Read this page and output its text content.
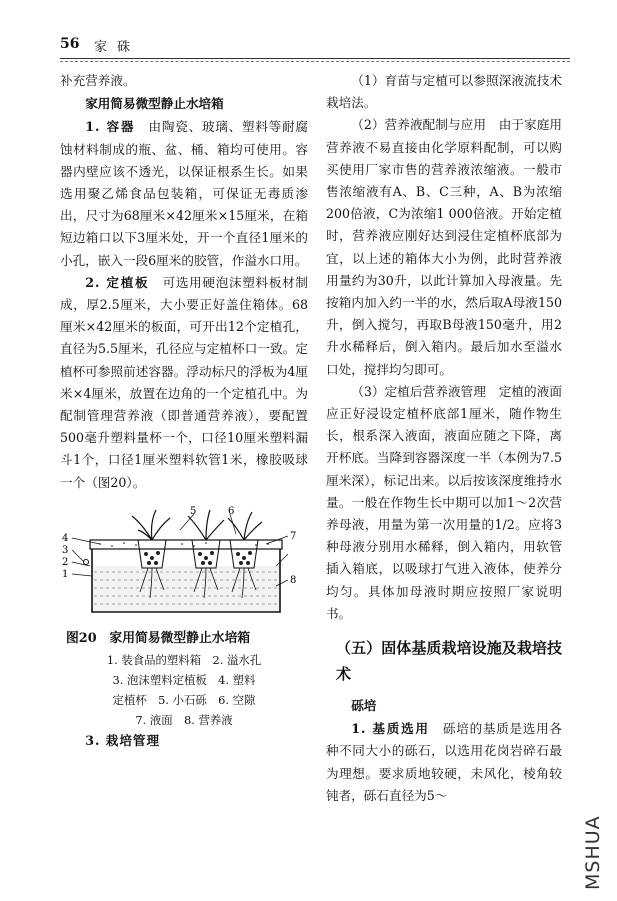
56 家 硃

补充营养液。

家用简易微型静止水培箱

1. 容器　 由陶瓷、玻璃、塑料等耐腐蚀材料制成的瓶、盆、桶、箱均可使用。容器内壁应该不透光，以保证根系生长。如果选用聚乙烯食品包装箱，可保证无毒质渗出，尺寸为68厘米×42厘米×15厘米，在箱短边箱口以下3厘米处，开一个直径1厘米的小孔，嵌入一段6厘米的胶管，作溢水口用。

2. 定植板　 可选用硬泡沫塑料板材制成，厚2.5厘米，大小要正好盖住箱体。68厘米×42厘米的板面，可开出12个定植孔，直径为5.5厘米，孔径应与定植杯口一致。定植杯可参照前述容器。浮动标尺的浮板为4厘米×4厘米，放置在边角的一个定植孔中。为配制管理营养液（即普通营养液），要配置500毫升塑料量杯一个，口径10厘米塑料漏斗1个，口径1厘米塑料软管1米，橡胶吸球一个（图20）。

4
3
2
1
5	6
7
8

图20　家用简易微型静止水培箱

1. 装食品的塑料箱　2. 溢水孔

3. 泡沫塑料定植板　4. 塑料

定植杯　5. 小石砾　6. 空隙

7. 液面　8. 营养液

3. 栽培管理

（1）育苗与定植可以参照深液流技术栽培法。

（2）营养液配制与应用　由于家庭用营养液不易直接由化学原料配制，可以购买使用厂家市售的营养液浓缩液。一般市售浓缩液有A、B、C三种，A、B为浓缩200倍液，C为浓缩1 000倍液。开始定植时，营养液应刚好达到浸住定植杯底部为宜，以上述的箱体大小为例，此时营养液用量约为30升，以此计算加入母液量。先按箱内加入约一半的水，然后取A母液150升，倒入搅匀，再取B母液150毫升，用2升水稀释后，倒入箱内。最后加水至溢水口处，搅拌均匀即可。

（3）定植后营养液管理　定植的液面应正好浸设定植杯底部1厘米，随作物生长，根系深入液面，液面应随之下降，离开杯底。当降到容器深度一半（本例为7.5厘米深），标记出来。以后按该深度维持水量。一般在作物生长中期可以加1～2次营养母液，用量为第一次用量的1/2。应将3种母液分别用水稀释，倒入箱内，用软管插入箱底，以吸球打气进入液体，使养分均匀。具体加母液时期应按照厂家说明书。

（五）固体基质栽培设施及栽培技术

砾培

1. 基质选用　 砾培的基质是选用各种不同大小的砾石，以选用花岗岩碎石最为理想。要求质地较硬，未风化，棱角较钝者，砾石直径为5～

MSHUA
